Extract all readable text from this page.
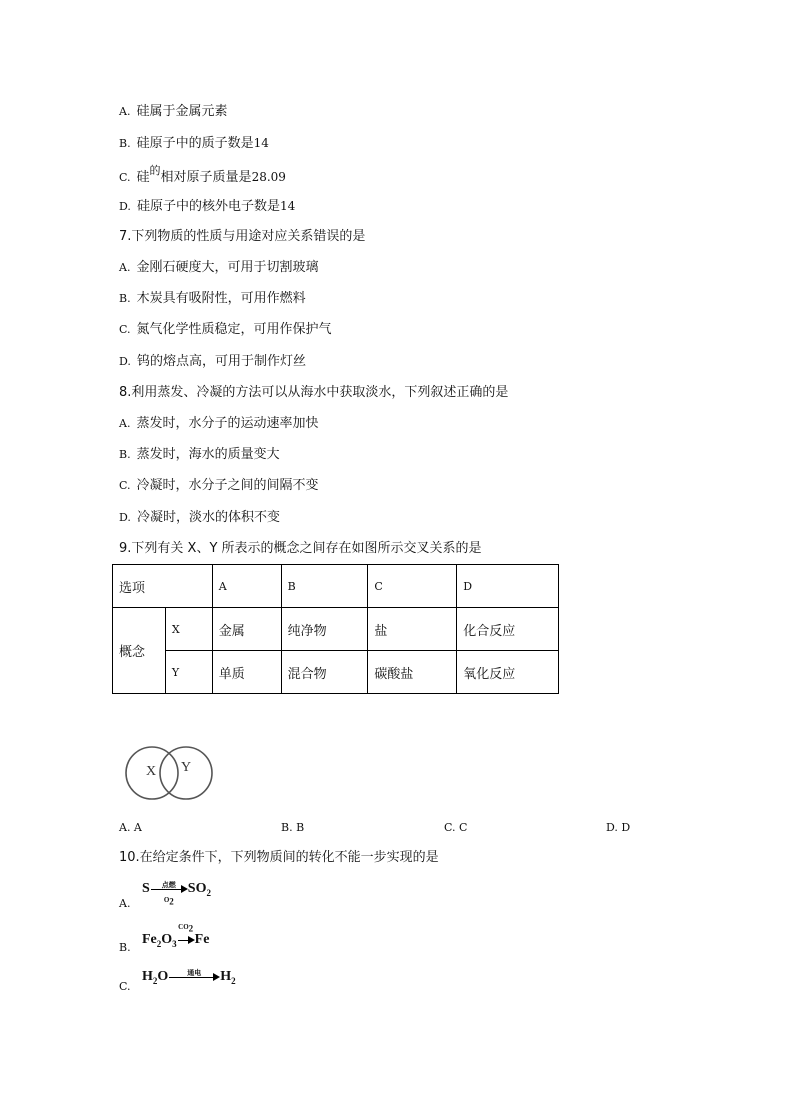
A. 硅属于金属元素
B. 硅原子中的质子数是14
C. 硅$^的$相对原子质量是28.09
D. 硅原子中的核外电子数是14
7.下列物质的性质与用途对应关系错误的是
A. 金刚石硬度大，可用于切割玻璃
B. 木炭具有吸附性，可用作燃料
C. 氮气化学性质稳定，可用作保护气
D. 钨的熔点高，可用于制作灯丝
8.利用蒸发、冷凝的方法可以从海水中获取淡水，下列叙述正确的是
A. 蒸发时，水分子的运动速率加快
B. 蒸发时，海水的质量变大
C. 冷凝时，水分子之间的间隔不变
D. 冷凝时，淡水的体积不变
9.下列有关 X、Y 所表示的概念之间存在如图所示交叉关系的是
选项		A	B	C	D
概念	X	金属	纯净物	盐	化合反应
	Y	单质	混合物	碳酸盐	氧化反应
X Y
A. A	B. B	C. C	D. D
10.在给定条件下，下列物质间的转化不能一步实现的是
A.
S	点燃
$O_2$
$SO_2$
B.
$Fe_2O_3$
$CO_2$
Fe
C.
$H_2O$	通电	$H_2$
